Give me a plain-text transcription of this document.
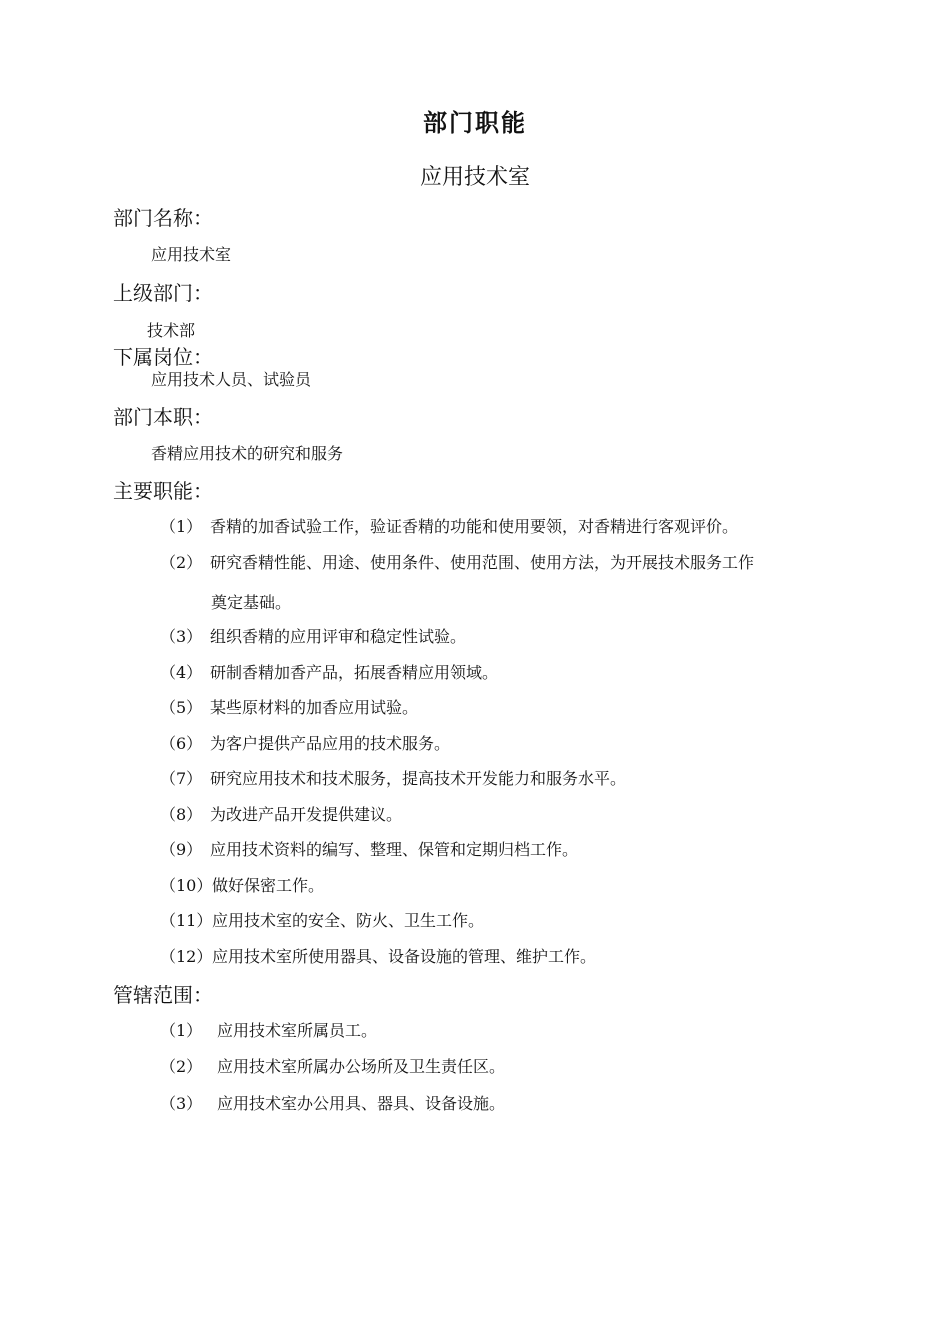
部门职能
应用技术室
部门名称：
应用技术室
上级部门：
技术部
下属岗位：
应用技术人员、试验员
部门本职：
香精应用技术的研究和服务
主要职能：
（1） 香精的加香试验工作，验证香精的功能和使用要领，对香精进行客观评价。
（2） 研究香精性能、用途、使用条件、使用范围、使用方法，为开展技术服务工作
奠定基础。
（3） 组织香精的应用评审和稳定性试验。
（4） 研制香精加香产品，拓展香精应用领域。
（5） 某些原材料的加香应用试验。
（6） 为客户提供产品应用的技术服务。
（7） 研究应用技术和技术服务，提高技术开发能力和服务水平。
（8） 为改进产品开发提供建议。
（9） 应用技术资料的编写、整理、保管和定期归档工作。
（10）做好保密工作。
（11）应用技术室的安全、防火、卫生工作。
（12）应用技术室所使用器具、设备设施的管理、维护工作。
管辖范围：
（1） 应用技术室所属员工。
（2） 应用技术室所属办公场所及卫生责任区。
（3） 应用技术室办公用具、器具、设备设施。
